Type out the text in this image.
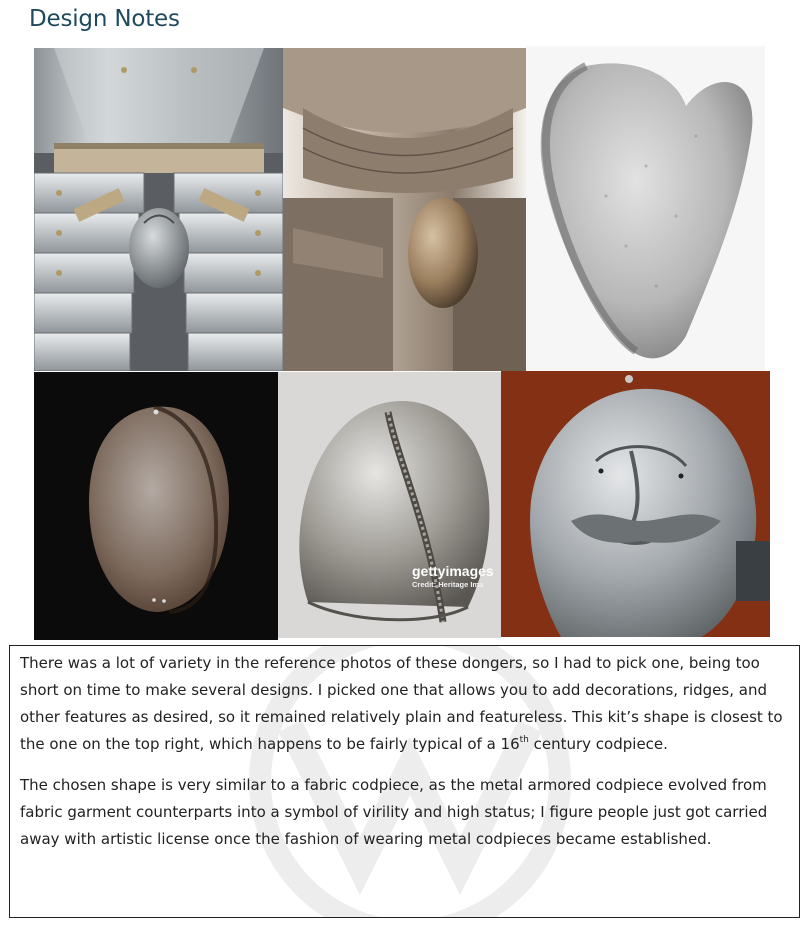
Design Notes
gettyimages
Credit: Heritage Ima

There was a lot of variety in the reference photos of these dongers, so I had to pick one, being too short on time to make several designs. I picked one that allows you to add decorations, ridges, and other features as desired, so it remained relatively plain and featureless. This kit’s shape is closest to the one on the top right, which happens to be fairly typical of a 16th century codpiece.

The chosen shape is very similar to a fabric codpiece, as the metal armored codpiece evolved from fabric garment counterparts into a symbol of virility and high status; I figure people just got carried away with artistic license once the fashion of wearing metal codpieces became established.
